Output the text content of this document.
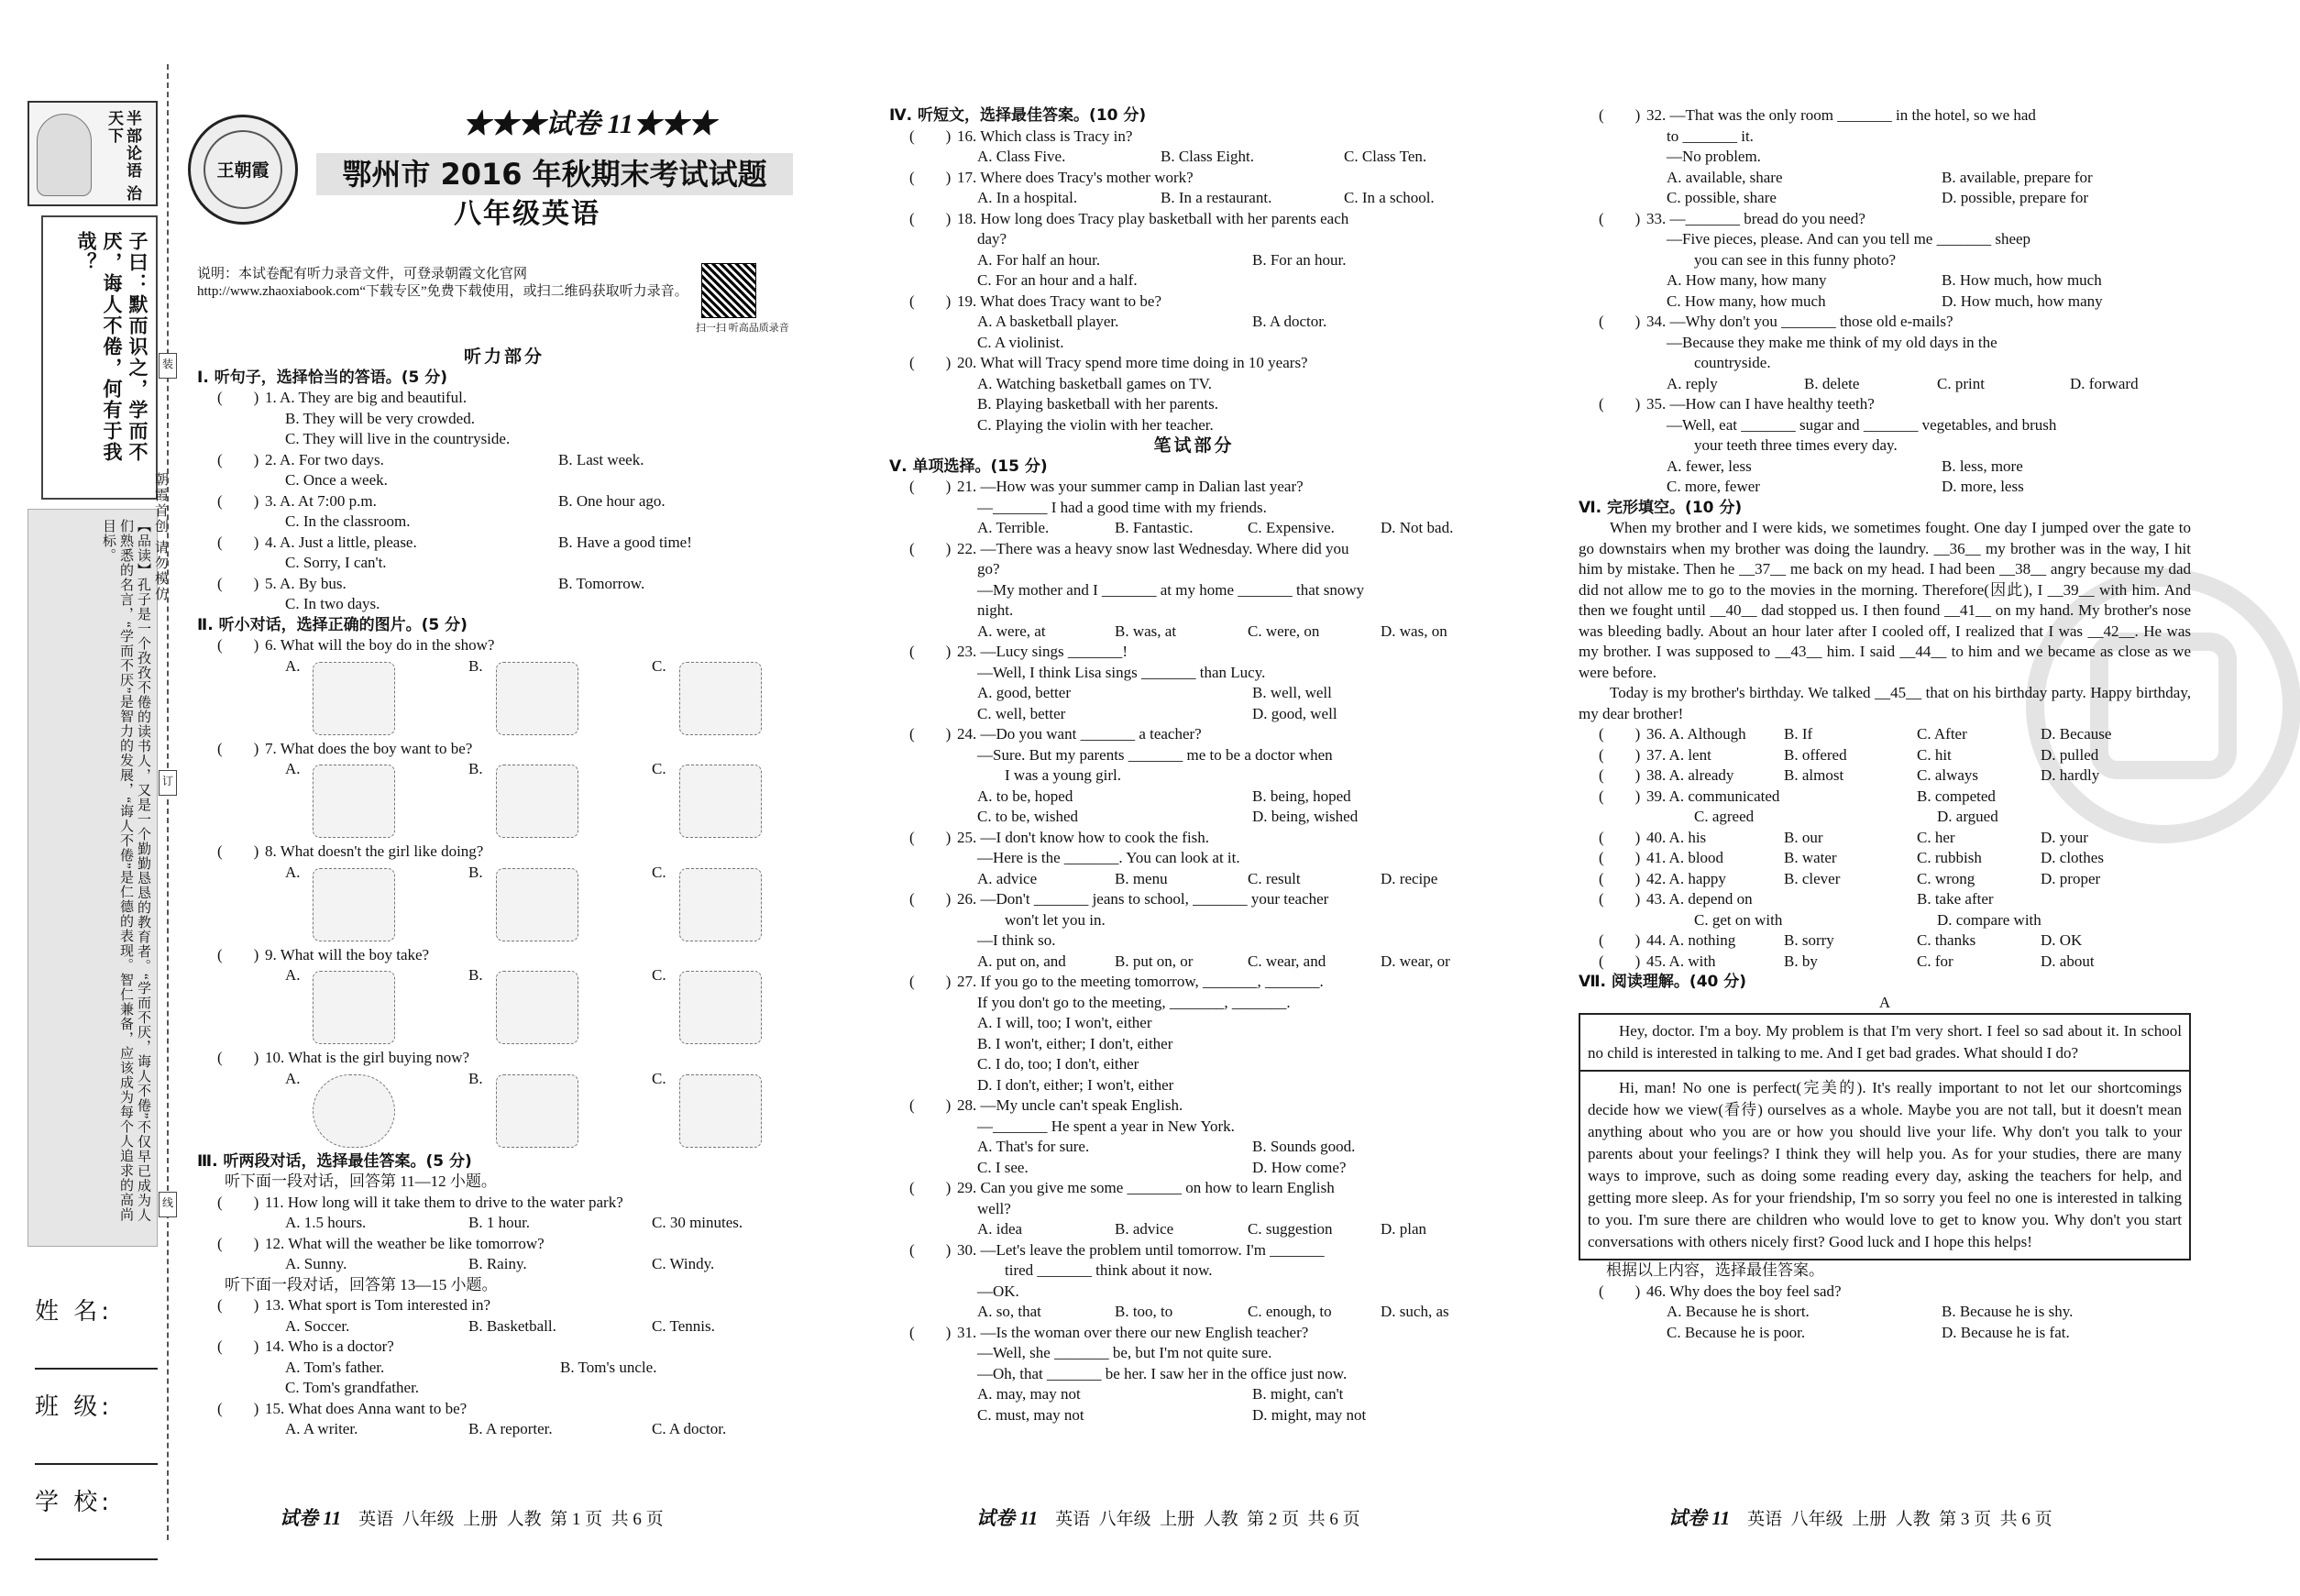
半部论语 治天下
子曰：默而识之，学而不厌，诲人不倦，何有于我哉？
【品读】孔子是一个孜孜不倦的读书人，又是一个勤勤恳恳的教育者。“学而不厌，诲人不倦”不仅早已成为人们熟悉的名言，“学而不厌”是智力的发展，“诲人不倦”是仁德的表现。智仁兼备，应该成为每个人追求的高尚目标。	朝霞首创 请勿模仿
姓 名:
班 级:
学 校:
装
订
线
王朝霞
★★★试卷 11★★★
鄂州市 2016 年秋期末考试试题
八年级英语
说明：本试卷配有听力录音文件，可登录朝霞文化官网 http://www.zhaoxiabook.com“下载专区”免费下载使用，或扫二维码获取听力录音。
扫一扫 听高品质录音
听力部分
Ⅰ. 听句子，选择恰当的答语。(5 分)
(　　) 1. A. They are big and beautiful.
B. They will be very crowded.
C. They will live in the countryside.
(　　) 2. A. For two days.	B. Last week.
C. Once a week.
(　　) 3. A. At 7:00 p.m.	B. One hour ago.
C. In the classroom.
(　　) 4. A. Just a little, please.	B. Have a good time!
C. Sorry, I can't.
(　　) 5. A. By bus.	B. Tomorrow.
C. In two days.
Ⅱ. 听小对话，选择正确的图片。(5 分)
(　　) 6. What will the boy do in the show?
A.	B.	C.
(　　) 7. What does the boy want to be?
A.	B.	C.
(　　) 8. What doesn't the girl like doing?
A.	B.	C.
(　　) 9. What will the boy take?
A.	B.	C.
(　　) 10. What is the girl buying now?
A.	B.	C.
Ⅲ. 听两段对话，选择最佳答案。(5 分)
听下面一段对话，回答第 11—12 小题。
(　　) 11. How long will it take them to drive to the water park?
A. 1.5 hours.	B. 1 hour.	C. 30 minutes.
(　　) 12. What will the weather be like tomorrow?
A. Sunny.	B. Rainy.	C. Windy.
听下面一段对话，回答第 13—15 小题。
(　　) 13. What sport is Tom interested in?
A. Soccer.	B. Basketball.	C. Tennis.
(　　) 14. Who is a doctor?
A. Tom's father.	B. Tom's uncle.
C. Tom's grandfather.
(　　) 15. What does Anna want to be?
A. A writer.	B. A reporter.	C. A doctor.
试卷 11 英语  八年级  上册  人教  第 1 页  共 6 页
Ⅳ. 听短文，选择最佳答案。(10 分)
(　　) 16. Which class is Tracy in?
A. Class Five.	B. Class Eight.	C. Class Ten.
(　　) 17. Where does Tracy's mother work?
A. In a hospital.	B. In a restaurant.	C. In a school.
(　　) 18. How long does Tracy play basketball with her parents each
day?
A. For half an hour.	B. For an hour.
C. For an hour and a half.
(　　) 19. What does Tracy want to be?
A. A basketball player.	B. A doctor.
C. A violinist.
(　　) 20. What will Tracy spend more time doing in 10 years?
A. Watching basketball games on TV.
B. Playing basketball with her parents.
C. Playing the violin with her teacher.
笔试部分
Ⅴ. 单项选择。(15 分)
(　　) 21. —How was your summer camp in Dalian last year?
—_______ I had a good time with my friends.
A. Terrible.	B. Fantastic.	C. Expensive.	D. Not bad.
(　　) 22. —There was a heavy snow last Wednesday. Where did you
go?
—My mother and I _______ at my home _______ that snowy
night.
A. were, at	B. was, at	C. were, on	D. was, on
(　　) 23. —Lucy sings _______!
—Well, I think Lisa sings _______ than Lucy.
A. good, better	B. well, well
C. well, better	D. good, well
(　　) 24. —Do you want _______ a teacher?
—Sure. But my parents _______ me to be a doctor when
I was a young girl.
A. to be, hoped	B. being, hoped
C. to be, wished	D. being, wished
(　　) 25. —I don't know how to cook the fish.
—Here is the _______. You can look at it.
A. advice	B. menu	C. result	D. recipe
(　　) 26. —Don't _______ jeans to school, _______ your teacher
won't let you in.
—I think so.
A. put on, and	B. put on, or	C. wear, and	D. wear, or
(　　) 27. If you go to the meeting tomorrow, _______, _______.
If you don't go to the meeting, _______, _______.
A. I will, too; I won't, either
B. I won't, either; I don't, either
C. I do, too; I don't, either
D. I don't, either; I won't, either
(　　) 28. —My uncle can't speak English.
—_______ He spent a year in New York.
A. That's for sure.	B. Sounds good.
C. I see.	D. How come?
(　　) 29. Can you give me some _______ on how to learn English
well?
A. idea	B. advice	C. suggestion	D. plan
(　　) 30. —Let's leave the problem until tomorrow. I'm _______
tired _______ think about it now.
—OK.
A. so, that	B. too, to	C. enough, to	D. such, as
(　　) 31. —Is the woman over there our new English teacher?
—Well, she _______ be, but I'm not quite sure.
—Oh, that _______ be her. I saw her in the office just now.
A. may, may not	B. might, can't
C. must, may not	D. might, may not
试卷 11 英语  八年级  上册  人教  第 2 页  共 6 页
(　　) 32. —That was the only room _______ in the hotel, so we had
to _______ it.
—No problem.
A. available, share	B. available, prepare for
C. possible, share	D. possible, prepare for
(　　) 33. —_______ bread do you need?
—Five pieces, please. And can you tell me _______ sheep
you can see in this funny photo?
A. How many, how many	B. How much, how much
C. How many, how much	D. How much, how many
(　　) 34. —Why don't you _______ those old e-mails?
—Because they make me think of my old days in the
countryside.
A. reply	B. delete	C. print	D. forward
(　　) 35. —How can I have healthy teeth?
—Well, eat _______ sugar and _______ vegetables, and brush
your teeth three times every day.
A. fewer, less	B. less, more
C. more, fewer	D. more, less
Ⅵ. 完形填空。(10 分)

When my brother and I were kids, we sometimes fought. One day I jumped over the gate to go downstairs when my brother was doing the laundry. __36__ my brother was in the way, I hit him by mistake. Then he __37__ me back on my head. I had been __38__ angry because my dad did not allow me to go to the movies in the morning. Therefore(因此), I __39__ with him. And then we fought until __40__ dad stopped us. I then found __41__ on my hand. My brother's nose was bleeding badly. About an hour later after I cooled off, I realized that I was __42__. He was my brother. I was supposed to __43__ him. I said __44__ to him and we became as close as we were before.

Today is my brother's birthday. We talked __45__ that on his birthday party. Happy birthday, my dear brother!

(　　) 36. A. Although B. If	C. After	D. Because
(　　) 37. A. lent	B. offered	C. hit	D. pulled
(　　) 38. A. already	B. almost	C. always	D. hardly
(　　) 39. A. communicated	B. competed
C. agreed	D. argued
(　　) 40. A. his	B. our	C. her	D. your
(　　) 41. A. blood	B. water	C. rubbish	D. clothes
(　　) 42. A. happy	B. clever	C. wrong	D. proper
(　　) 43. A. depend on	B. take after
C. get on with	D. compare with
(　　) 44. A. nothing	B. sorry	C. thanks	D. OK
(　　) 45. A. with	B. by	C. for	D. about
Ⅶ. 阅读理解。(40 分)
A
Hey, doctor. I'm a boy. My problem is that I'm very short. I feel so sad about it. In school no child is interested in talking to me. And I get bad grades. What should I do?
Hi, man! No one is perfect(完美的). It's really important to not let our shortcomings decide how we view(看待) ourselves as a whole. Maybe you are not tall, but it doesn't mean anything about who you are or how you should live your life. Why don't you talk to your parents about your feelings? I think they will help you. As for your studies, there are many ways to improve, such as doing some reading every day, asking the teachers for help, and getting more sleep. As for your friendship, I'm so sorry you feel no one is interested in talking to you. I'm sure there are children who would love to get to know you. Why don't you start conversations with others nicely first? Good luck and I hope this helps!
根据以上内容，选择最佳答案。
(　　) 46. Why does the boy feel sad?
A. Because he is short.	B. Because he is shy.
C. Because he is poor.	D. Because he is fat.
试卷 11 英语  八年级  上册  人教  第 3 页  共 6 页
